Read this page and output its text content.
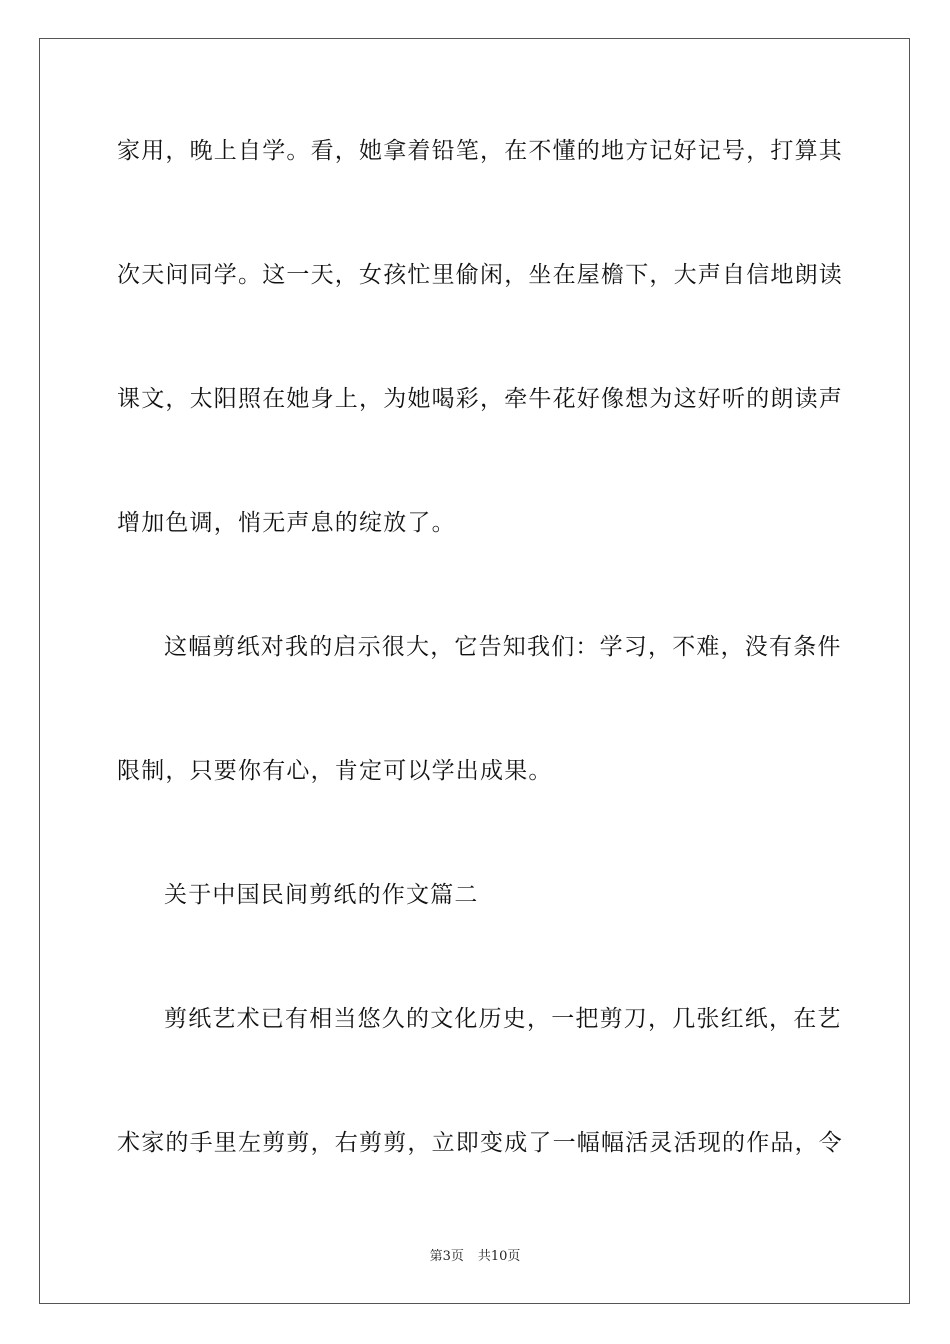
家用，晚上自学。看，她拿着铅笔，在不懂的地方记好记号，打算其
次天问同学。这一天，女孩忙里偷闲，坐在屋檐下，大声自信地朗读
课文，太阳照在她身上，为她喝彩，牵牛花好像想为这好听的朗读声
增加色调，悄无声息的绽放了。
这幅剪纸对我的启示很大，它告知我们：学习，不难，没有条件
限制，只要你有心，肯定可以学出成果。
关于中国民间剪纸的作文篇二
剪纸艺术已有相当悠久的文化历史，一把剪刀，几张红纸，在艺
术家的手里左剪剪，右剪剪，立即变成了一幅幅活灵活现的作品，令
第3页 共10页
